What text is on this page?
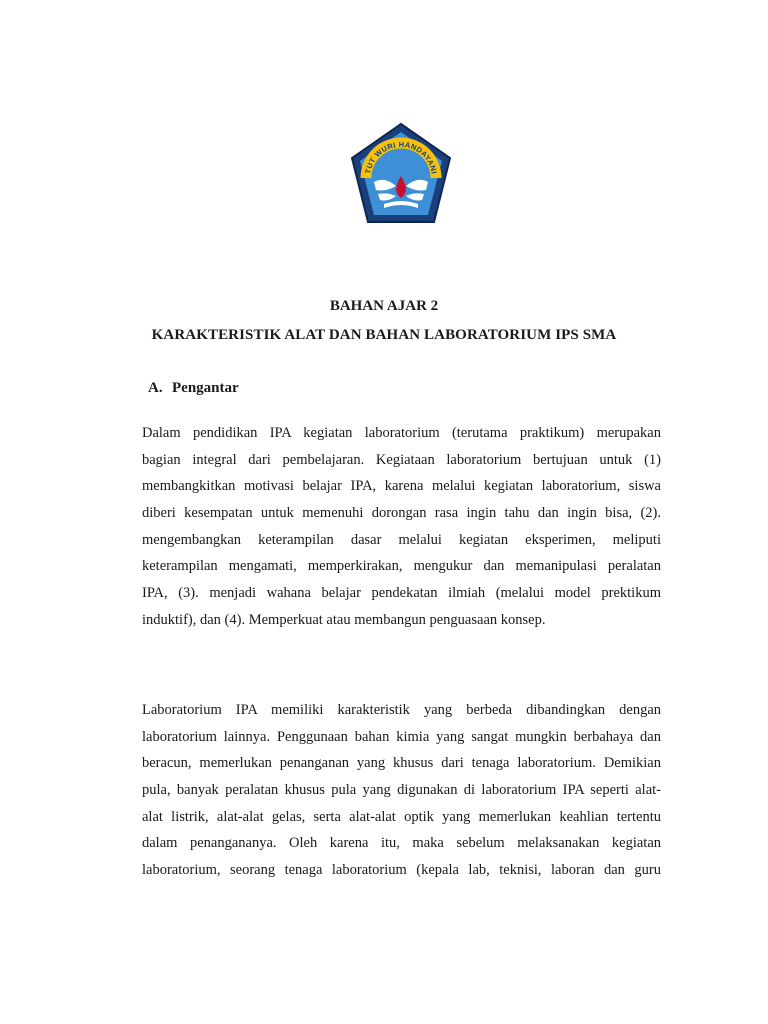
TUT WURI HANDAYANI
BAHAN AJAR 2
KARAKTERISTIK ALAT DAN BAHAN LABORATORIUM IPS SMA
A. Pengantar
Dalam pendidikan IPA kegiatan laboratorium (terutama praktikum) merupakan
bagian integral dari pembelajaran. Kegiataan laboratorium bertujuan untuk (1)
membangkitkan motivasi belajar IPA, karena melalui kegiatan laboratorium, siswa
diberi kesempatan untuk memenuhi dorongan rasa ingin tahu dan ingin bisa, (2).
mengembangkan keterampilan dasar melalui kegiatan eksperimen, meliputi
keterampilan mengamati, memperkirakan, mengukur dan memanipulasi peralatan
IPA, (3). menjadi wahana belajar pendekatan ilmiah (melalui model prektikum
induktif), dan (4). Memperkuat atau membangun penguasaan konsep.
Laboratorium IPA memiliki karakteristik yang berbeda dibandingkan dengan
laboratorium lainnya. Penggunaan bahan kimia yang sangat mungkin berbahaya dan
beracun, memerlukan penanganan yang khusus dari tenaga laboratorium. Demikian
pula, banyak peralatan khusus pula yang digunakan di laboratorium IPA seperti alat-
alat listrik, alat-alat gelas, serta alat-alat optik yang memerlukan keahlian tertentu
dalam penangananya. Oleh karena itu, maka sebelum melaksanakan kegiatan
laboratorium, seorang tenaga laboratorium (kepala lab, teknisi, laboran dan guru
